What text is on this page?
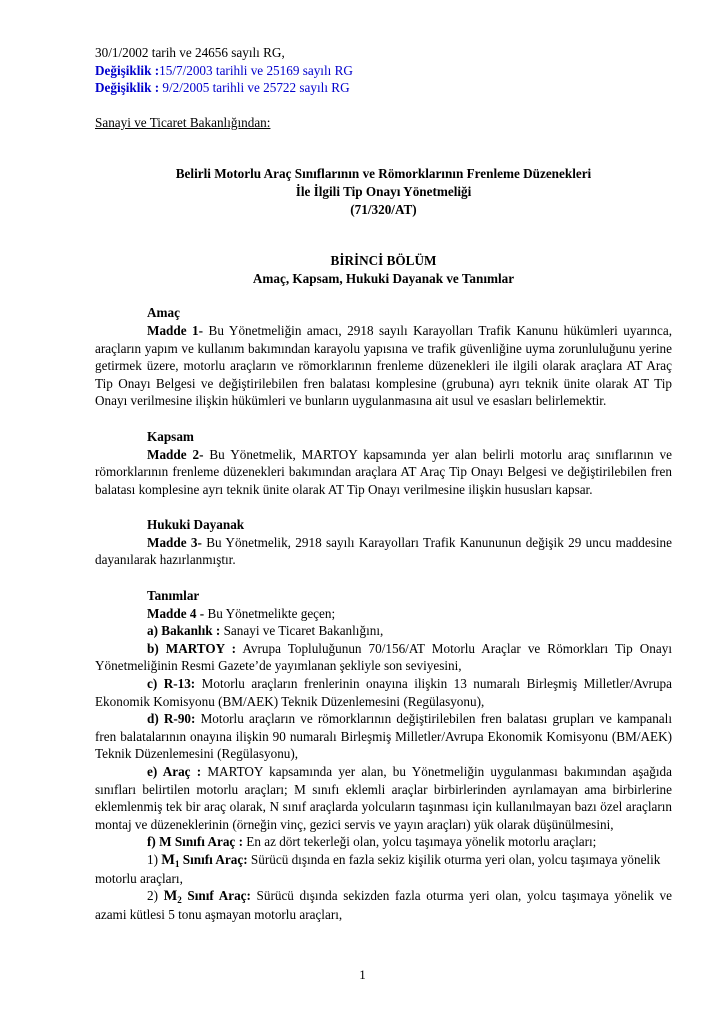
30/1/2002 tarih ve 24656 sayılı RG,
Değişiklik :15/7/2003 tarihli ve 25169 sayılı RG
Değişiklik : 9/2/2005 tarihli ve 25722 sayılı RG
Sanayi ve Ticaret Bakanlığından:
Belirli Motorlu Araç Sınıflarının ve Römorklarının Frenleme Düzenekleri
İle İlgili Tip Onayı Yönetmeliği
(71/320/AT)
BİRİNCİ BÖLÜM
Amaç, Kapsam, Hukuki Dayanak ve Tanımlar
Amaç
Madde 1- Bu Yönetmeliğin amacı, 2918 sayılı Karayolları Trafik Kanunu hükümleri uyarınca, araçların yapım ve kullanım bakımından karayolu yapısına ve trafik güvenliğine uyma zorunluluğunu yerine getirmek üzere, motorlu araçların ve römorklarının frenleme düzenekleri ile ilgili olarak araçlara AT Araç Tip Onayı Belgesi ve değiştirilebilen fren balatası komplesine (grubuna) ayrı teknik ünite olarak AT Tip Onayı verilmesine ilişkin hükümleri ve bunların uygulanmasına ait usul ve esasları belirlemektir.
Kapsam
Madde 2- Bu Yönetmelik, MARTOY kapsamında yer alan belirli motorlu araç sınıflarının ve römorklarının frenleme düzenekleri bakımından araçlara AT Araç Tip Onayı Belgesi ve değiştirilebilen fren balatası komplesine ayrı teknik ünite olarak AT Tip Onayı verilmesine ilişkin hususları kapsar.
Hukuki Dayanak
Madde 3- Bu Yönetmelik, 2918 sayılı Karayolları Trafik Kanununun değişik 29 uncu maddesine dayanılarak hazırlanmıştır.
Tanımlar
Madde 4 - Bu Yönetmelikte geçen;
a) Bakanlık : Sanayi ve Ticaret Bakanlığını,
b) MARTOY : Avrupa Topluluğunun 70/156/AT Motorlu Araçlar ve Römorkları Tip Onayı Yönetmeliğinin Resmi Gazete’de yayımlanan şekliyle son seviyesini,
c) R-13: Motorlu araçların frenlerinin onayına ilişkin 13 numaralı Birleşmiş Milletler/Avrupa Ekonomik Komisyonu (BM/AEK) Teknik Düzenlemesini (Regülasyonu),
d) R-90: Motorlu araçların ve römorklarının değiştirilebilen fren balatası grupları ve kampanalı fren balatalarının onayına ilişkin 90 numaralı Birleşmiş Milletler/Avrupa Ekonomik Komisyonu (BM/AEK) Teknik Düzenlemesini (Regülasyonu),
e) Araç : MARTOY kapsamında yer alan, bu Yönetmeliğin uygulanması bakımından aşağıda sınıfları belirtilen motorlu araçları; M sınıfı eklemli araçlar birbirlerinden ayrılamayan ama birbirlerine eklemlenmiş tek bir araç olarak, N sınıf araçlarda yolcuların taşınması için kullanılmayan bazı özel araçların montaj ve düzeneklerinin (örneğin vinç, gezici servis ve yayın araçları) yük olarak düşünülmesini,
f) M Sınıfı Araç : En az dört tekerleği olan, yolcu taşımaya yönelik motorlu araçları;
1) $M_1$ Sınıfı Araç: Sürücü dışında en fazla sekiz kişilik oturma yeri olan, yolcu taşımaya yönelik motorlu araçları,
2) $M_2$ Sınıf Araç: Sürücü dışında sekizden fazla oturma yeri olan, yolcu taşımaya yönelik ve azami kütlesi 5 tonu aşmayan motorlu araçları,
1
